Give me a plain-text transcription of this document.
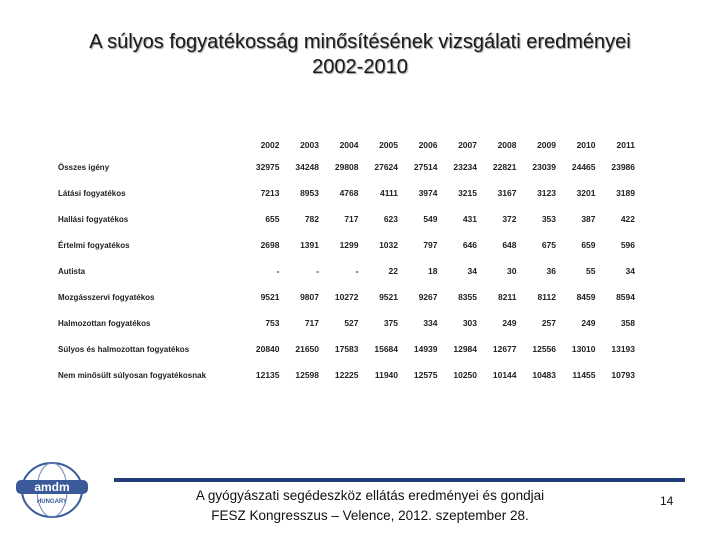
A súlyos fogyatékosság minősítésének vizsgálati eredményei
2002-2010
	2002	2003	2004	2005	2006	2007	2008	2009	2010	2011
Összes igény	32975	34248	29808	27624	27514	23234	22821	23039	24465	23986
Látási fogyatékos	7213	8953	4768	4111	3974	3215	3167	3123	3201	3189
Hallási fogyatékos	655	782	717	623	549	431	372	353	387	422
Értelmi fogyatékos	2698	1391	1299	1032	797	646	648	675	659	596
Autista	-	-	-	22	18	34	30	36	55	34
Mozgásszervi fogyatékos	9521	9807	10272	9521	9267	8355	8211	8112	8459	8594
Halmozottan fogyatékos	753	717	527	375	334	303	249	257	249	358
Súlyos és halmozottan fogyatékos	20840	21650	17583	15684	14939	12984	12677	12556	13010	13193
Nem minősült súlyosan fogyatékosnak	12135	12598	12225	11940	12575	10250	10144	10483	11455	10793
amdm
HUNGARY	A gyógyászati segédeszköz ellátás eredményei és gondjai
FESZ Kongresszus – Velence, 2012. szeptember 28.
14
